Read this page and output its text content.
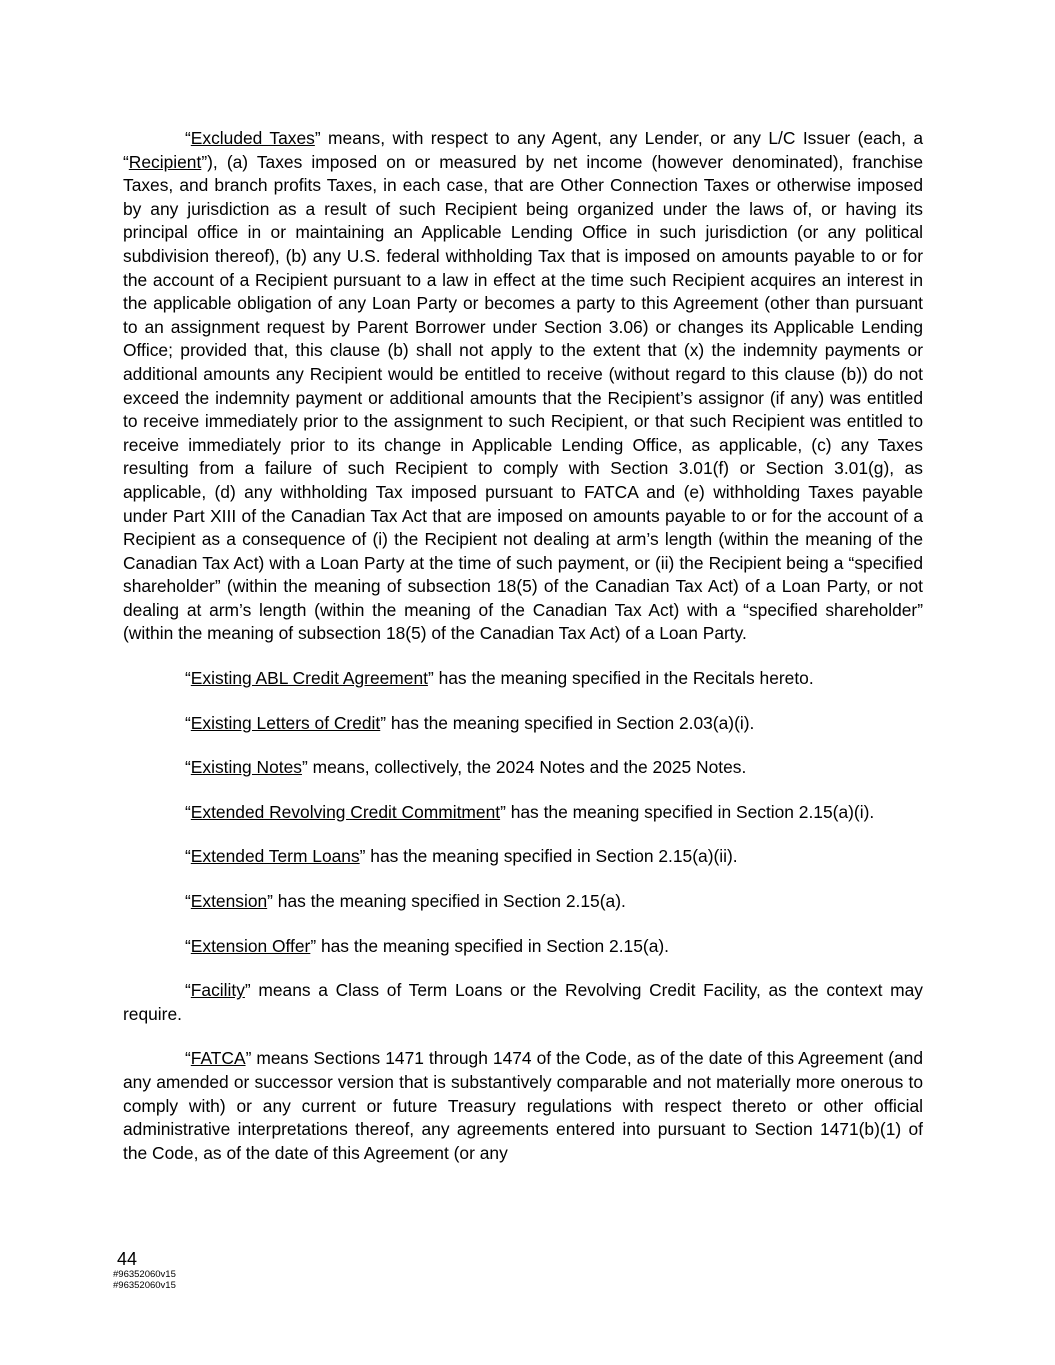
“Excluded Taxes” means, with respect to any Agent, any Lender, or any L/C Issuer (each, a “Recipient”), (a) Taxes imposed on or measured by net income (however denominated), franchise Taxes, and branch profits Taxes, in each case, that are Other Connection Taxes or otherwise imposed by any jurisdiction as a result of such Recipient being organized under the laws of, or having its principal office in or maintaining an Applicable Lending Office in such jurisdiction (or any political subdivision thereof), (b) any U.S. federal withholding Tax that is imposed on amounts payable to or for the account of a Recipient pursuant to a law in effect at the time such Recipient acquires an interest in the applicable obligation of any Loan Party or becomes a party to this Agreement (other than pursuant to an assignment request by Parent Borrower under Section 3.06) or changes its Applicable Lending Office; provided that, this clause (b) shall not apply to the extent that (x) the indemnity payments or additional amounts any Recipient would be entitled to receive (without regard to this clause (b)) do not exceed the indemnity payment or additional amounts that the Recipient’s assignor (if any) was entitled to receive immediately prior to the assignment to such Recipient, or that such Recipient was entitled to receive immediately prior to its change in Applicable Lending Office, as applicable, (c) any Taxes resulting from a failure of such Recipient to comply with Section 3.01(f) or Section 3.01(g), as applicable, (d) any withholding Tax imposed pursuant to FATCA and (e) withholding Taxes payable under Part XIII of the Canadian Tax Act that are imposed on amounts payable to or for the account of a Recipient as a consequence of (i) the Recipient not dealing at arm’s length (within the meaning of the Canadian Tax Act) with a Loan Party at the time of such payment, or (ii) the Recipient being a “specified shareholder” (within the meaning of subsection 18(5) of the Canadian Tax Act) of a Loan Party, or not dealing at arm’s length (within the meaning of the Canadian Tax Act) with a “specified shareholder” (within the meaning of subsection 18(5) of the Canadian Tax Act) of a Loan Party.

“Existing ABL Credit Agreement” has the meaning specified in the Recitals hereto.

“Existing Letters of Credit” has the meaning specified in Section 2.03(a)(i).

“Existing Notes” means, collectively, the 2024 Notes and the 2025 Notes.

“Extended Revolving Credit Commitment” has the meaning specified in Section 2.15(a)(i).

“Extended Term Loans” has the meaning specified in Section 2.15(a)(ii).

“Extension” has the meaning specified in Section 2.15(a).

“Extension Offer” has the meaning specified in Section 2.15(a).

“Facility” means a Class of Term Loans or the Revolving Credit Facility, as the context may require.

“FATCA” means Sections 1471 through 1474 of the Code, as of the date of this Agreement (and any amended or successor version that is substantively comparable and not materially more onerous to comply with) or any current or future Treasury regulations with respect thereto or other official administrative interpretations thereof, any agreements entered into pursuant to Section 1471(b)(1) of the Code, as of the date of this Agreement (or any

44
#96352060v15
#96352060v15
